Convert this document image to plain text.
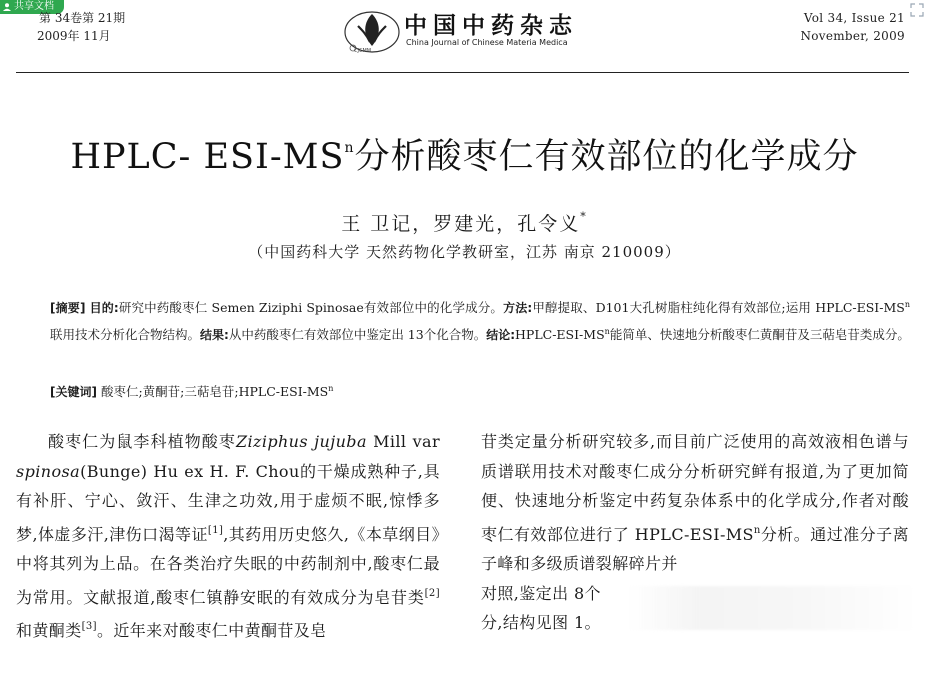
共享文档
第 34卷第 21期
2009年 11月
CJCMM
中国中药杂志
China Journal of Chinese Materia Medica
Vol 34, Issue 21
November, 2009
HPLC- ESI-$MS^n$分析酸枣仁有效部位的化学成分
王 卫记，罗建光，孔令义*
（中国药科大学 天然药物化学教研室，江苏 南京 210009）
[摘要] 目的:研究中药酸枣仁 Semen Ziziphi Spinosae有效部位中的化学成分。方法:甲醇提取、D101大孔树脂柱纯化得有效部位;运用 HPLC-$ESI-MS^n$联用技术分析化合物结构。结果:从中药酸枣仁有效部位中鉴定出 13个化合物。结论$:HPLC-ESI-MS^n$能简单、快速地分析酸枣仁黄酮苷及三萜皂苷类成分。
[关键词] 酸枣仁;黄酮苷;三萜皂苷$;HPLC-ESI-MS^n$

酸枣仁为鼠李科植物酸枣Ziziphus jujuba Mill var spinosa(Bunge) Hu ex H. F. Chou的干燥成熟种子,具有补肝、宁心、敛汗、生津之功效,用于虚烦不眠,惊悸多梦,体虚多汗,津伤口渴等证[1],其药用历史悠久,《本草纲目》中将其列为上品。在各类治疗失眠的中药制剂中,酸枣仁最为常用。文献报道,酸枣仁镇静安眠的有效成分为皂苷类[2]和黄酮类[3]。近年来对酸枣仁中黄酮苷及皂

苷类定量分析研究较多,而目前广泛使用的高效液相色谱与质谱联用技术对酸枣仁成分分析研究鲜有报道,为了更加简便、快速地分析鉴定中药复杂体系中的化学成分,作者对酸枣仁有效部位进行了 HPLC-$ESI-MS^n$分析。通过准分子离子峰和多级质谱裂解碎片并
对照,鉴定出 8个
分,结构见图 1。
